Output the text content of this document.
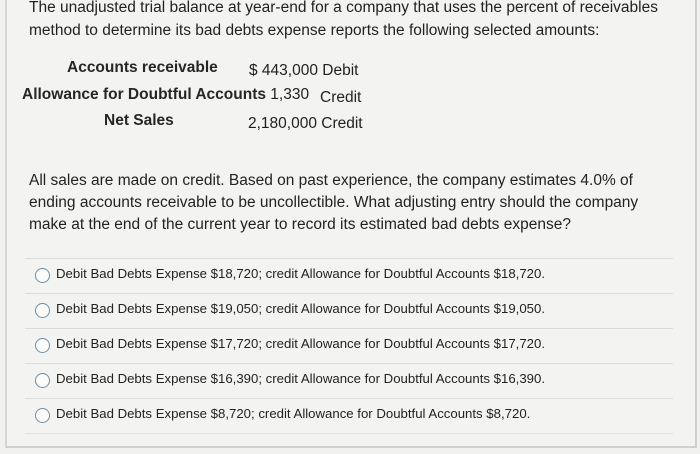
The unadjusted trial balance at year-end for a company that uses the percent of receivables method to determine its bad debts expense reports the following selected amounts:
Accounts receivable $ 443,000 Debit
Allowance for Doubtful Accounts 1,330 Credit
Net Sales	2,180,000 Credit
All sales are made on credit. Based on past experience, the company estimates 4.0% of ending accounts receivable to be uncollectible. What adjusting entry should the company make at the end of the current year to record its estimated bad debts expense?
Debit Bad Debts Expense $18,720; credit Allowance for Doubtful Accounts $18,720.
Debit Bad Debts Expense $19,050; credit Allowance for Doubtful Accounts $19,050.
Debit Bad Debts Expense $17,720; credit Allowance for Doubtful Accounts $17,720.
Debit Bad Debts Expense $16,390; credit Allowance for Doubtful Accounts $16,390.
Debit Bad Debts Expense $8,720; credit Allowance for Doubtful Accounts $8,720.
